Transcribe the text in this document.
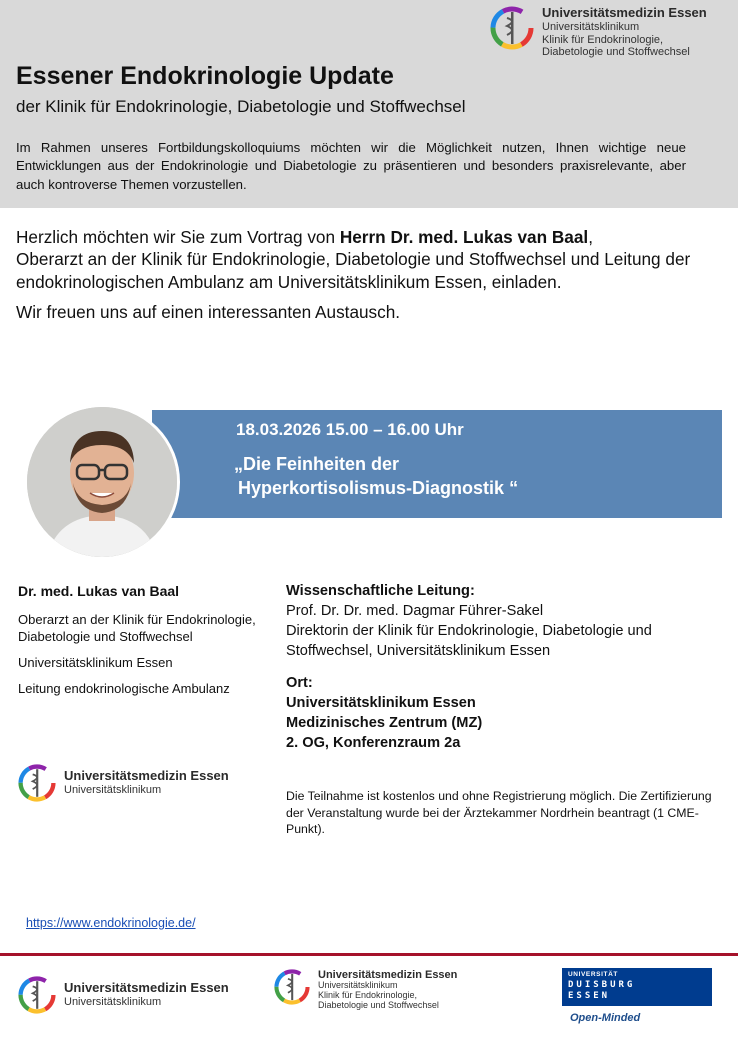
Universitätsmedizin Essen
Universitätsklinikum
Klinik für Endokrinologie,
Diabetologie und Stoffwechsel
Essener Endokrinologie Update
der Klinik für Endokrinologie, Diabetologie und Stoffwechsel
Im Rahmen unseres Fortbildungskolloquiums möchten wir die Möglichkeit nutzen, Ihnen wichtige neue Entwicklungen aus der Endokrinologie und Diabetologie zu präsentieren und besonders praxisrelevante, aber auch kontroverse Themen vorzustellen.

Herzlich möchten wir Sie zum Vortrag von Herrn Dr. med. Lukas van Baal,
Oberarzt an der Klinik für Endokrinologie, Diabetologie und Stoffwechsel und Leitung der endokrinologischen Ambulanz am Universitätsklinikum Essen, einladen.

Wir freuen uns auf einen interessanten Austausch.

18.03.2026 15.00 – 16.00 Uhr
„Die Feinheiten der
Hyperkortisolismus-Diagnostik “
Dr. med. Lukas van Baal

Oberarzt an der Klinik für Endokrinologie, Diabetologie und Stoffwechsel

Universitätsklinikum Essen

Leitung endokrinologische Ambulanz

Universitätsmedizin Essen
Universitätsklinikum
Wissenschaftliche Leitung:
Prof. Dr. Dr. med. Dagmar Führer-Sakel
Direktorin der Klinik für Endokrinologie, Diabetologie und Stoffwechsel, Universitätsklinikum Essen
Ort:
Universitätsklinikum Essen
Medizinisches Zentrum (MZ)
2. OG, Konferenzraum 2a
Die Teilnahme ist kostenlos und ohne Registrierung möglich. Die Zertifizierung der Veranstaltung wurde bei der Ärztekammer Nordrhein beantragt (1 CME-Punkt).
https://www.endokrinologie.de/
Universitätsmedizin Essen
Universitätsklinikum
Universitätsmedizin Essen
Universitätsklinikum
Klinik für Endokrinologie,
Diabetologie und Stoffwechsel
UNIVERSITÄT
DUISBURG
ESSEN
Open-Minded
